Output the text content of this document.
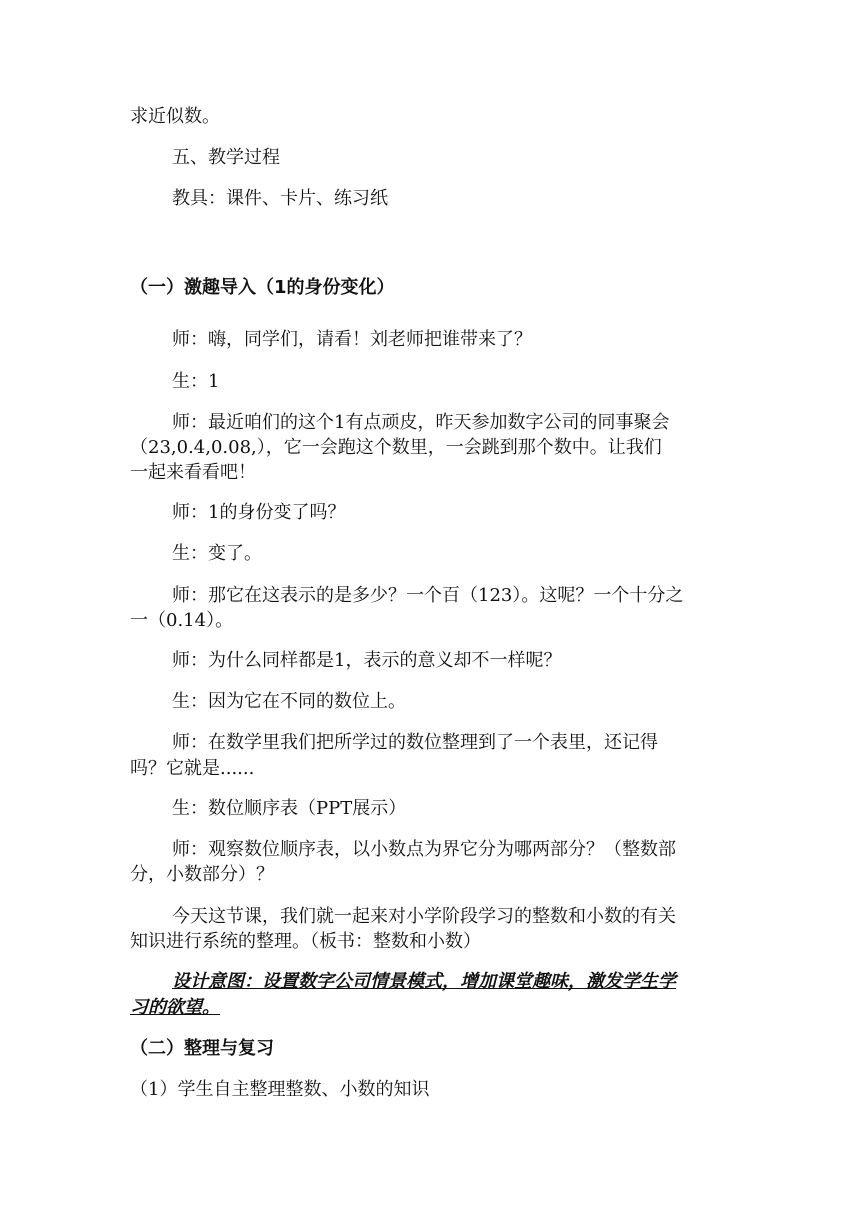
求近似数。
五、教学过程
教具：课件、卡片、练习纸
（一）激趣导入（1的身份变化）
师：嗨，同学们，请看！刘老师把谁带来了？
生：1
师：最近咱们的这个1有点顽皮，昨天参加数字公司的同事聚会
（23,0.4,0.08,），它一会跑这个数里，一会跳到那个数中。让我们
一起来看看吧！
师：1的身份变了吗？
生：变了。
师：那它在这表示的是多少？一个百（123）。这呢？一个十分之
一（0.14）。
师：为什么同样都是1，表示的意义却不一样呢？
生：因为它在不同的数位上。
师：在数学里我们把所学过的数位整理到了一个表里，还记得
吗？它就是......
生：数位顺序表（PPT展示）
师：观察数位顺序表，以小数点为界它分为哪两部分？（整数部
分，小数部分）？
今天这节课，我们就一起来对小学阶段学习的整数和小数的有关
知识进行系统的整理。（板书：整数和小数）
设计意图：设置数字公司情景模式，增加课堂趣味，激发学生学
习的欲望。
（二）整理与复习
（1）学生自主整理整数、小数的知识
